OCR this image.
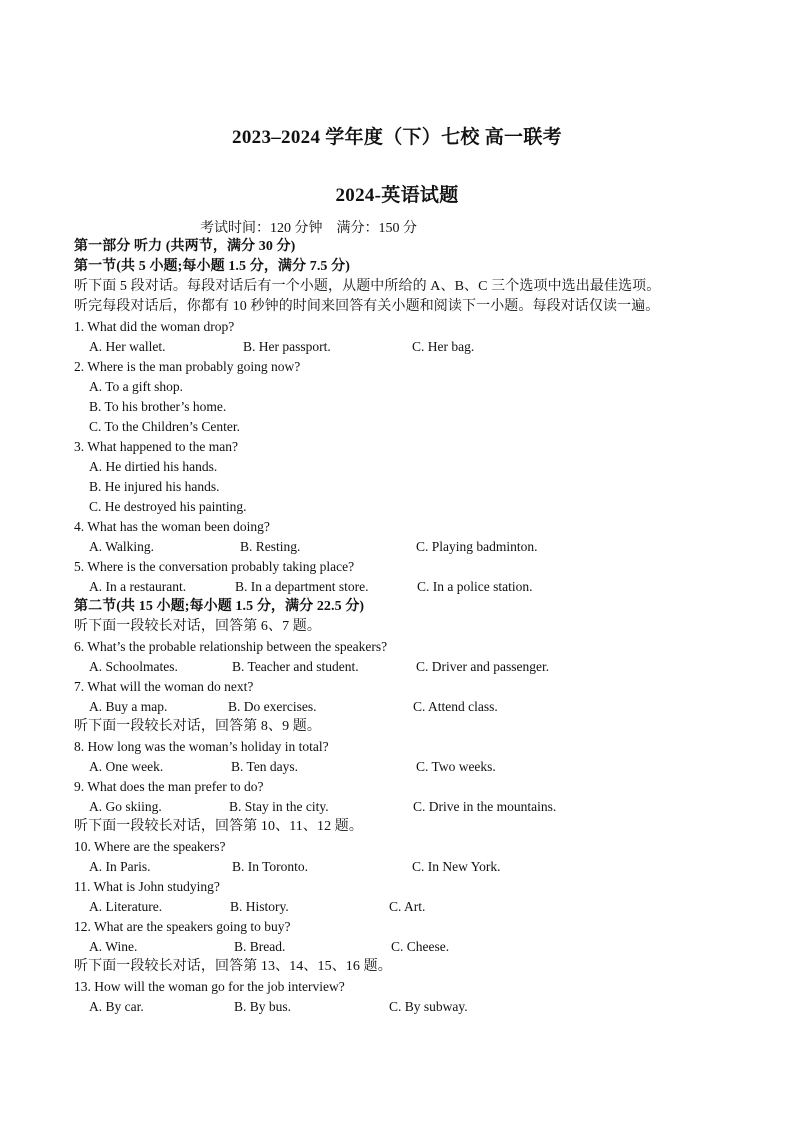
2023–2024 学年度（下）七校 高一联考
2024-英语试题
考试时间：120 分钟    满分：150 分
第一部分 听力 (共两节，满分 30 分)
第一节(共 5 小题;每小题 1.5 分，满分 7.5 分)
听下面 5 段对话。每段对话后有一个小题，从题中所给的 A、B、C 三个选项中选出最佳选项。
听完每段对话后，你都有 10 秒钟的时间来回答有关小题和阅读下一小题。每段对话仅读一遍。
1. What did the woman drop?
A. Her wallet.	B. Her passport.	C. Her bag.
2. Where is the man probably going now?
A. To a gift shop.
B. To his brother’s home.
C. To the Children’s Center.
3. What happened to the man?
A. He dirtied his hands.
B. He injured his hands.
C. He destroyed his painting.
4. What has the woman been doing?
A. Walking.	B. Resting.	C. Playing badminton.
5. Where is the conversation probably taking place?
A. In a restaurant.	B. In a department store.	C. In a police station.
第二节(共 15 小题;每小题 1.5 分，满分 22.5 分)
听下面一段较长对话，回答第 6、7 题。
6. What’s the probable relationship between the speakers?
A. Schoolmates.	B. Teacher and student.	C. Driver and passenger.
7. What will the woman do next?
A. Buy a map.	B. Do exercises.	C. Attend class.
听下面一段较长对话，回答第 8、9 题。
8. How long was the woman’s holiday in total?
A. One week.	B. Ten days.	C. Two weeks.
9. What does the man prefer to do?
A. Go skiing.	B. Stay in the city.	C. Drive in the mountains.
听下面一段较长对话，回答第 10、11、12 题。
10. Where are the speakers?
A. In Paris.	B. In Toronto.	C. In New York.
11. What is John studying?
A. Literature.	B. History.	C. Art.
12. What are the speakers going to buy?
A. Wine.	B. Bread.	C. Cheese.
听下面一段较长对话，回答第 13、14、15、16 题。
13. How will the woman go for the job interview?
A. By car.	B. By bus.	C. By subway.
